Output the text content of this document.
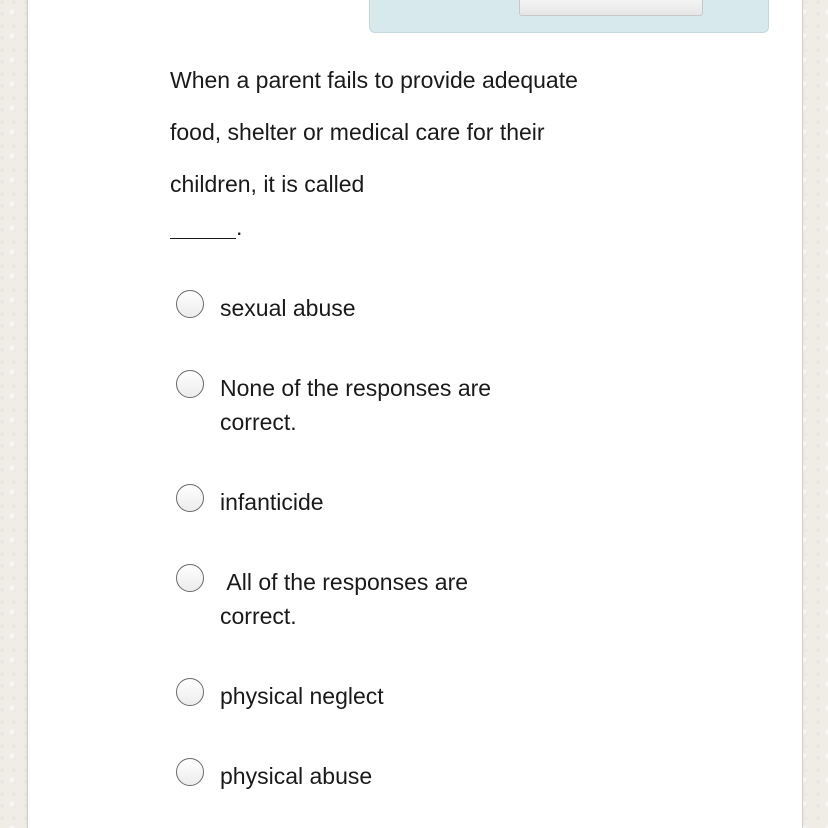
When a parent fails to provide adequate food, shelter or medical care for their children, it is called

.
sexual abuse
None of the responses are correct.
infanticide
All of the responses are correct.
physical neglect
physical abuse
